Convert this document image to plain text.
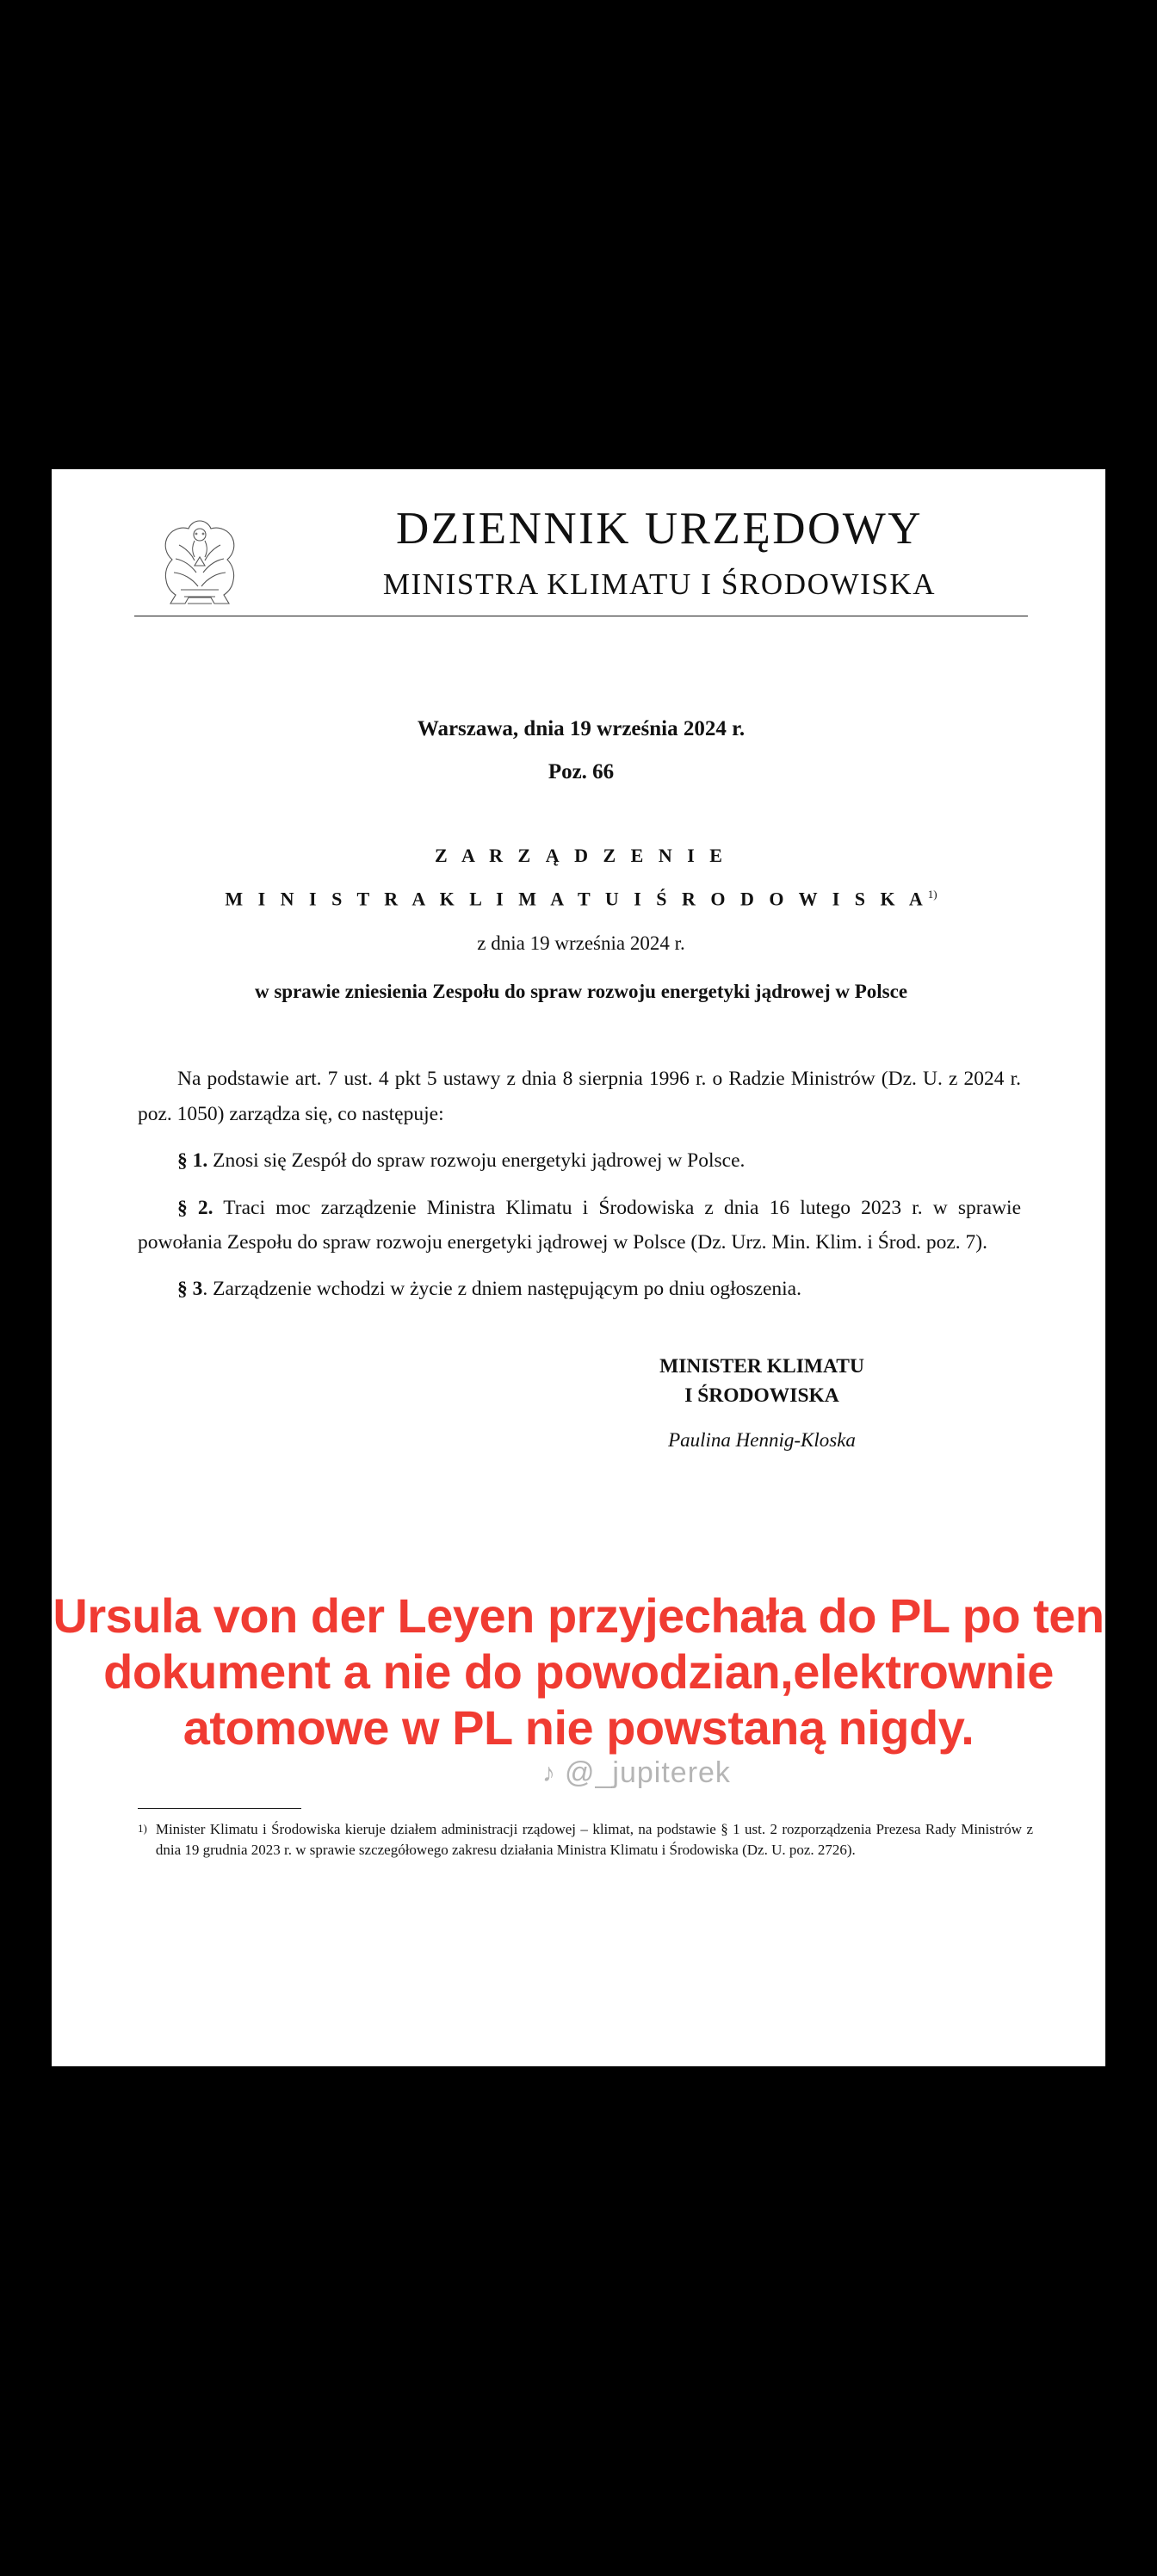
DZIENNIK URZĘDOWY
MINISTRA KLIMATU I ŚRODOWISKA
Warszawa, dnia 19 września 2024 r.
Poz. 66
Z A R Z Ą D Z E N I E
M I N I S T R A K L I M A T U I Ś R O D O W I S K $A^{1)}$
z dnia 19 września 2024 r.
w sprawie zniesienia Zespołu do spraw rozwoju energetyki jądrowej w Polsce

Na podstawie art. 7 ust. 4 pkt 5 ustawy z dnia 8 sierpnia 1996 r. o Radzie Ministrów (Dz. U. z 2024 r. poz. 1050) zarządza się, co następuje:

§ 1. Znosi się Zespół do spraw rozwoju energetyki jądrowej w Polsce.

§ 2. Traci moc zarządzenie Ministra Klimatu i Środowiska z dnia 16 lutego 2023 r. w sprawie powołania Zespołu do spraw rozwoju energetyki jądrowej w Polsce (Dz. Urz. Min. Klim. i Środ. poz. 7).

§ 3. Zarządzenie wchodzi w życie z dniem następującym po dniu ogłoszenia.

MINISTER KLIMATU
I ŚRODOWISKA
Paulina Hennig-Kloska
1) Minister Klimatu i Środowiska kieruje działem administracji rządowej – klimat, na podstawie § 1 ust. 2 rozporządzenia Prezesa Rady Ministrów z dnia 19 grudnia 2023 r. w sprawie szczegółowego zakresu działania Ministra Klimatu i Środowiska (Dz. U. poz. 2726).
Ursula von der Leyen przyjechała do PL po ten dokument a nie do powodzian,elektrownie atomowe w PL nie powstaną nigdy.
♪ @_jupiterek
